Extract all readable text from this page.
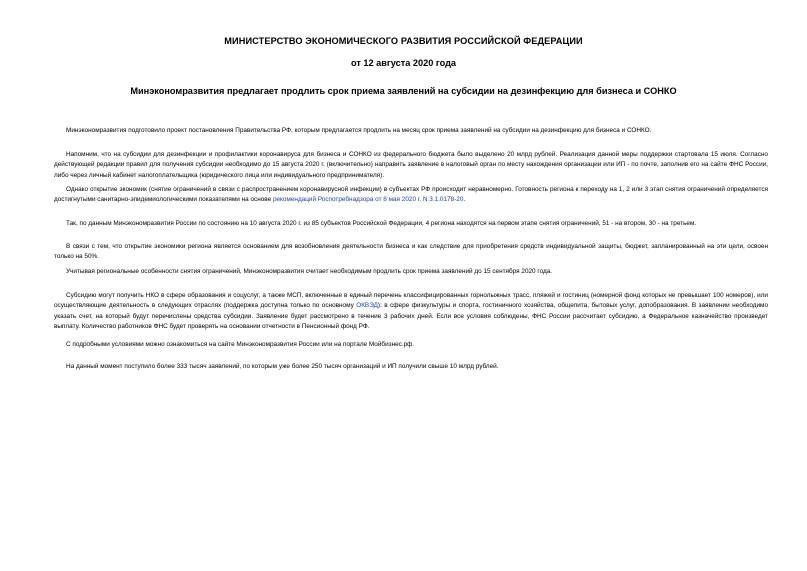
МИНИСТЕРСТВО ЭКОНОМИЧЕСКОГО РАЗВИТИЯ РОССИЙСКОЙ ФЕДЕРАЦИИ
от 12 августа 2020 года
Минэкономразвития предлагает продлить срок приема заявлений на субсидии на дезинфекцию для бизнеса и СОНКО
Минэкономразвития подготовило проект постановления Правительства РФ, которым предлагается продлить на месяц срок приема заявлений на субсидии на дезинфекцию для бизнеса и СОНКО.
Напомним, что на субсидии для дезинфекции и профилактики коронавируса для бизнеса и СОНКО из федерального бюджета было выделено 20 млрд рублей. Реализация данной меры поддержки стартовала 15 июля. Согласно действующей редакции правил для получения субсидии необходимо до 15 августа 2020 г. (включительно) направить заявление в налоговый орган по месту нахождения организации или ИП - по почте, заполнив его на сайте ФНС России, либо через личный кабинет налогоплательщика (юридического лица или индивидуального предпринимателя).
Однако открытие экономик (снятие ограничений в связи с распространением коронавирусной инфекции) в субъектах РФ происходит неравномерно. Готовность региона к переходу на 1, 2 или 3 этап снятия ограничений определяется достигнутыми санитарно-эпидемиологическими показателями на основе рекомендаций Роспотребнадзора от 8 мая 2020 г. N 3.1.0178-20.
Так, по данным Минэкономразвития России по состоянию на 10 августа 2020 г. из 85 субъектов Российской Федерации, 4 региона находятся на первом этапе снятия ограничений, 51 - на втором, 30 - на третьем.
В связи с тем, что открытие экономики региона является основанием для возобновления деятельности бизнеса и как следствие для приобретения средств индивидуальной защиты, бюджет, запланированный на эти цели, освоен только на 50%.
Учитывая региональные особенности снятия ограничений, Минэкономразвития считает необходимым продлить срок приема заявлений до 15 сентября 2020 года.
Субсидию могут получить НКО в сфере образования и соцуслуг, а также МСП, включенные в единый перечень классифицированных горнолыжных трасс, пляжей и гостиниц (номерной фонд которых не превышает 100 номеров), или осуществляющие деятельность в следующих отраслях (поддержка доступна только по основному ОКВЭД): в сфере физкультуры и спорта, гостиничного хозяйства, общепита, бытовых услуг, допобразования. В заявлении необходимо указать счет, на который будут перечислены средства субсидии. Заявление будет рассмотрено в течение 3 рабочих дней. Если все условия соблюдены, ФНС России рассчитает субсидию, а Федеральное казначейство произведет выплату. Количество работников ФНС будет проверять на основании отчетности в Пенсионный фонд РФ.
С подробными условиями можно ознакомиться на сайте Минэкономразвития России или на портале Мойбизнес.рф.
На данный момент поступило более 333 тысяч заявлений, по которым уже более 250 тысяч организаций и ИП получили свыше 10 млрд рублей.
